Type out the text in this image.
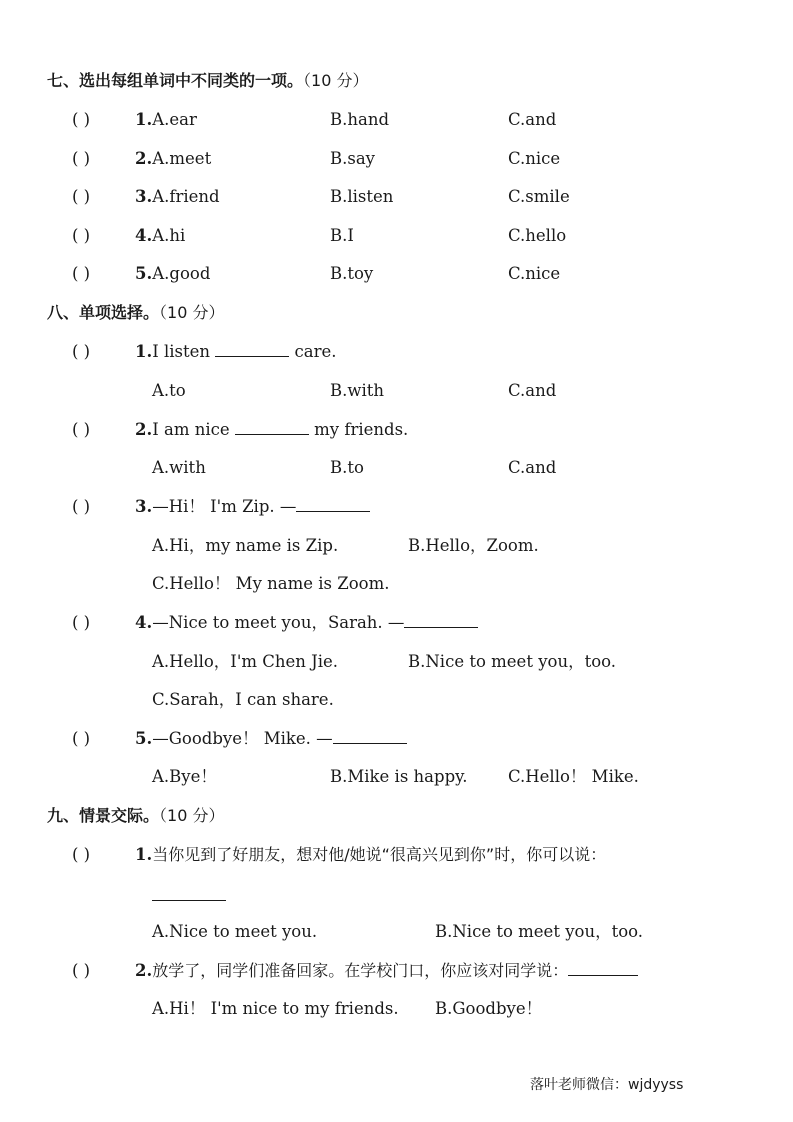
七、选出每组单词中不同类的一项。（10 分）
( )	1.A.ear	B.hand	C.and
( )	2.A.meet	B.say	C.nice
( )	3.A.friend	B.listen	C.smile
( )	4.A.hi	B.I	C.hello
( )	5.A.good	B.toy	C.nice
八、单项选择。（10 分）
( )	1.I listen	care.
A.to	B.with	C.and
( )	2.I am nice	my friends.
A.with	B.to	C.and
( )	3.—Hi！ I'm Zip. —
A.Hi，my name is Zip.	B.Hello，Zoom.
C.Hello！ My name is Zoom.
( )	4.—Nice to meet you，Sarah. —
A.Hello，I'm Chen Jie.	B.Nice to meet you，too.
C.Sarah，I can share.
( )	5.—Goodbye！ Mike. —
A.Bye！	B.Mike is happy. C.Hello！ Mike.
九、情景交际。（10 分）
( )	1.当你见到了好朋友，想对他/她说“很高兴见到你”时，你可以说：
A.Nice to meet you.	B.Nice to meet you，too.
( )	2.放学了，同学们准备回家。在学校门口，你应该对同学说：
A.Hi！ I'm nice to my friends. B.Goodbye！
落叶老师微信：wjdyyss
